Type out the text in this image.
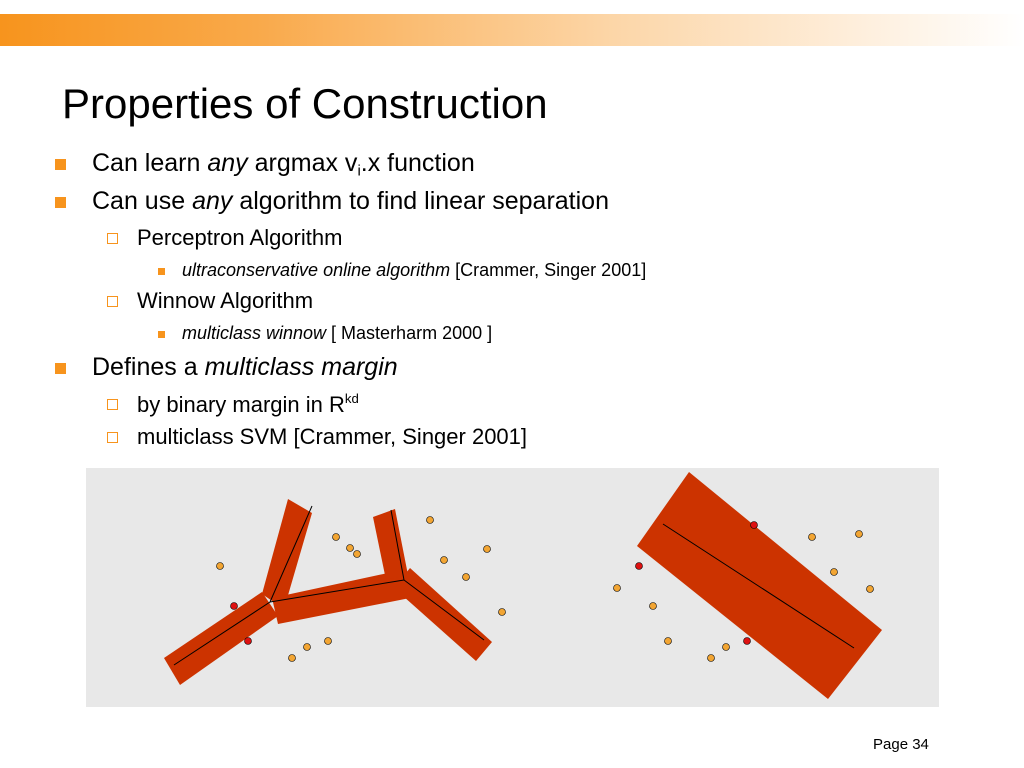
Properties of Construction
Can learn any argmax $v_i.x$ function
Can use any algorithm to find linear separation
Perceptron Algorithm
ultraconservative online algorithm [Crammer, Singer 2001]
Winnow Algorithm
multiclass winnow [ Masterharm 2000 ]
Defines a multiclass margin
by binary margin in $R^{kd}$
multiclass SVM [Crammer, Singer 2001]
Page 34
